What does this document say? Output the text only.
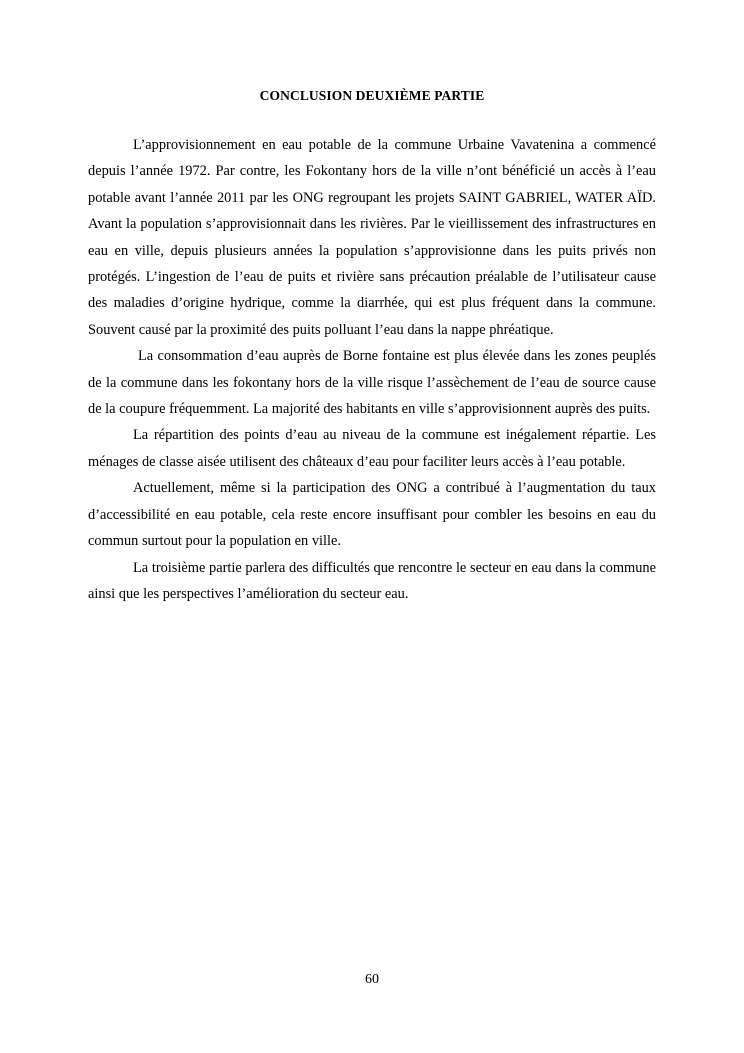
CONCLUSION DEUXIÈME PARTIE

L’approvisionnement en eau potable de la commune Urbaine Vavatenina a commencé depuis l’année 1972. Par contre, les Fokontany hors de la ville n’ont bénéficié un accès à l’eau potable avant l’année 2011 par les ONG regroupant les projets SAINT GABRIEL, WATER AÏD. Avant la population s’approvisionnait dans les rivières. Par le vieillissement des infrastructures en eau en ville, depuis plusieurs années la population s’approvisionne dans les puits privés non protégés. L’ingestion de l’eau de puits et rivière sans précaution préalable de l’utilisateur cause des maladies d’origine hydrique, comme la diarrhée, qui est plus fréquent dans la commune. Souvent causé par la proximité des puits polluant l’eau dans la nappe phréatique.

La consommation d’eau auprès de Borne fontaine est plus élevée dans les zones peuplés de la commune dans les fokontany hors de la ville risque l’assèchement de l’eau de source cause de la coupure fréquemment. La majorité des habitants en ville s’approvisionnent auprès des puits.

La répartition des points d’eau au niveau de la commune est inégalement répartie. Les ménages de classe aisée utilisent des châteaux d’eau pour faciliter leurs accès à l’eau potable.

Actuellement, même si la participation des ONG a contribué à l’augmentation du taux d’accessibilité en eau potable, cela reste encore insuffisant pour combler les besoins en eau du commun surtout pour la population en ville.

La troisième partie parlera des difficultés que rencontre le secteur en eau dans la commune ainsi que les perspectives l’amélioration du secteur eau.

60
